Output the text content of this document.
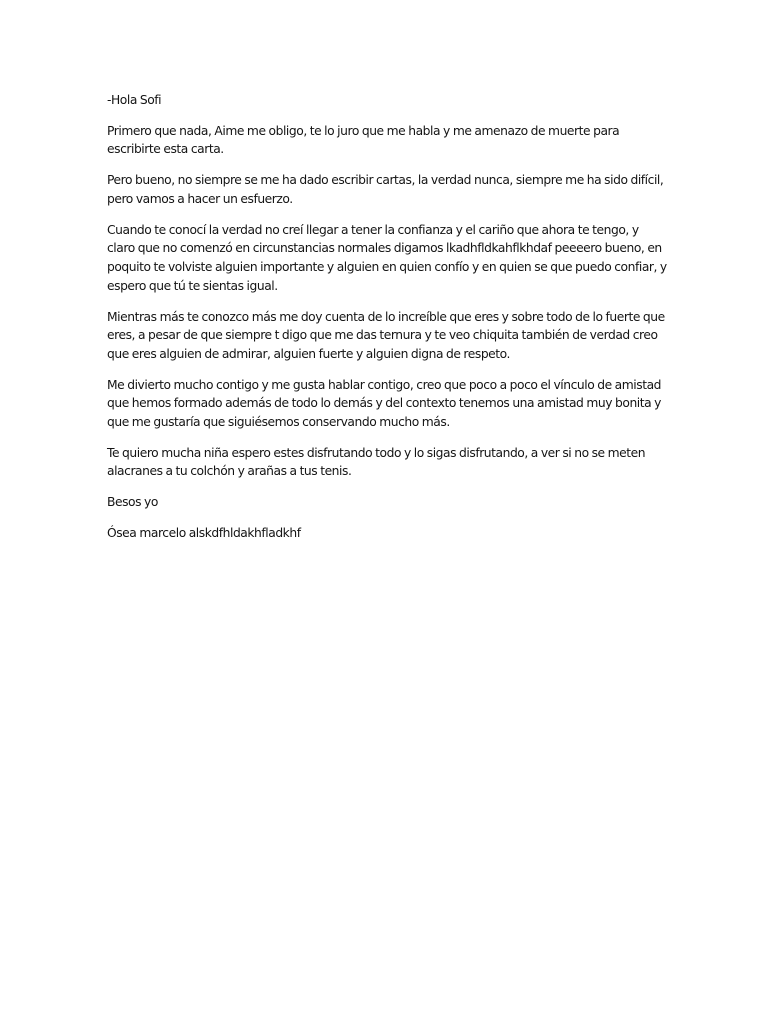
-Hola Sofi

Primero que nada, Aime me obligo, te lo juro que me habla y me amenazo de muerte para escribirte esta carta.

Pero bueno, no siempre se me ha dado escribir cartas, la verdad nunca, siempre me ha sido difícil, pero vamos a hacer un esfuerzo.

Cuando te conocí la verdad no creí llegar a tener la confianza y el cariño que ahora te tengo, y claro que no comenzó en circunstancias normales digamos lkadhfldkahflkhdaf peeeero bueno, en poquito te volviste alguien importante y alguien en quien confío y en quien se que puedo confiar, y espero que tú te sientas igual.

Mientras más te conozco más me doy cuenta de lo increíble que eres y sobre todo de lo fuerte que eres, a pesar de que siempre t digo que me das ternura y te veo chiquita también de verdad creo que eres alguien de admirar, alguien fuerte y alguien digna de respeto.

Me divierto mucho contigo y me gusta hablar contigo, creo que poco a poco el vínculo de amistad que hemos formado además de todo lo demás y del contexto tenemos una amistad muy bonita y que me gustaría que siguiésemos conservando mucho más.

Te quiero mucha niña espero estes disfrutando todo y lo sigas disfrutando, a ver si no se meten alacranes a tu colchón y arañas a tus tenis.

Besos yo

Ósea marcelo alskdfhldakhfladkhf
